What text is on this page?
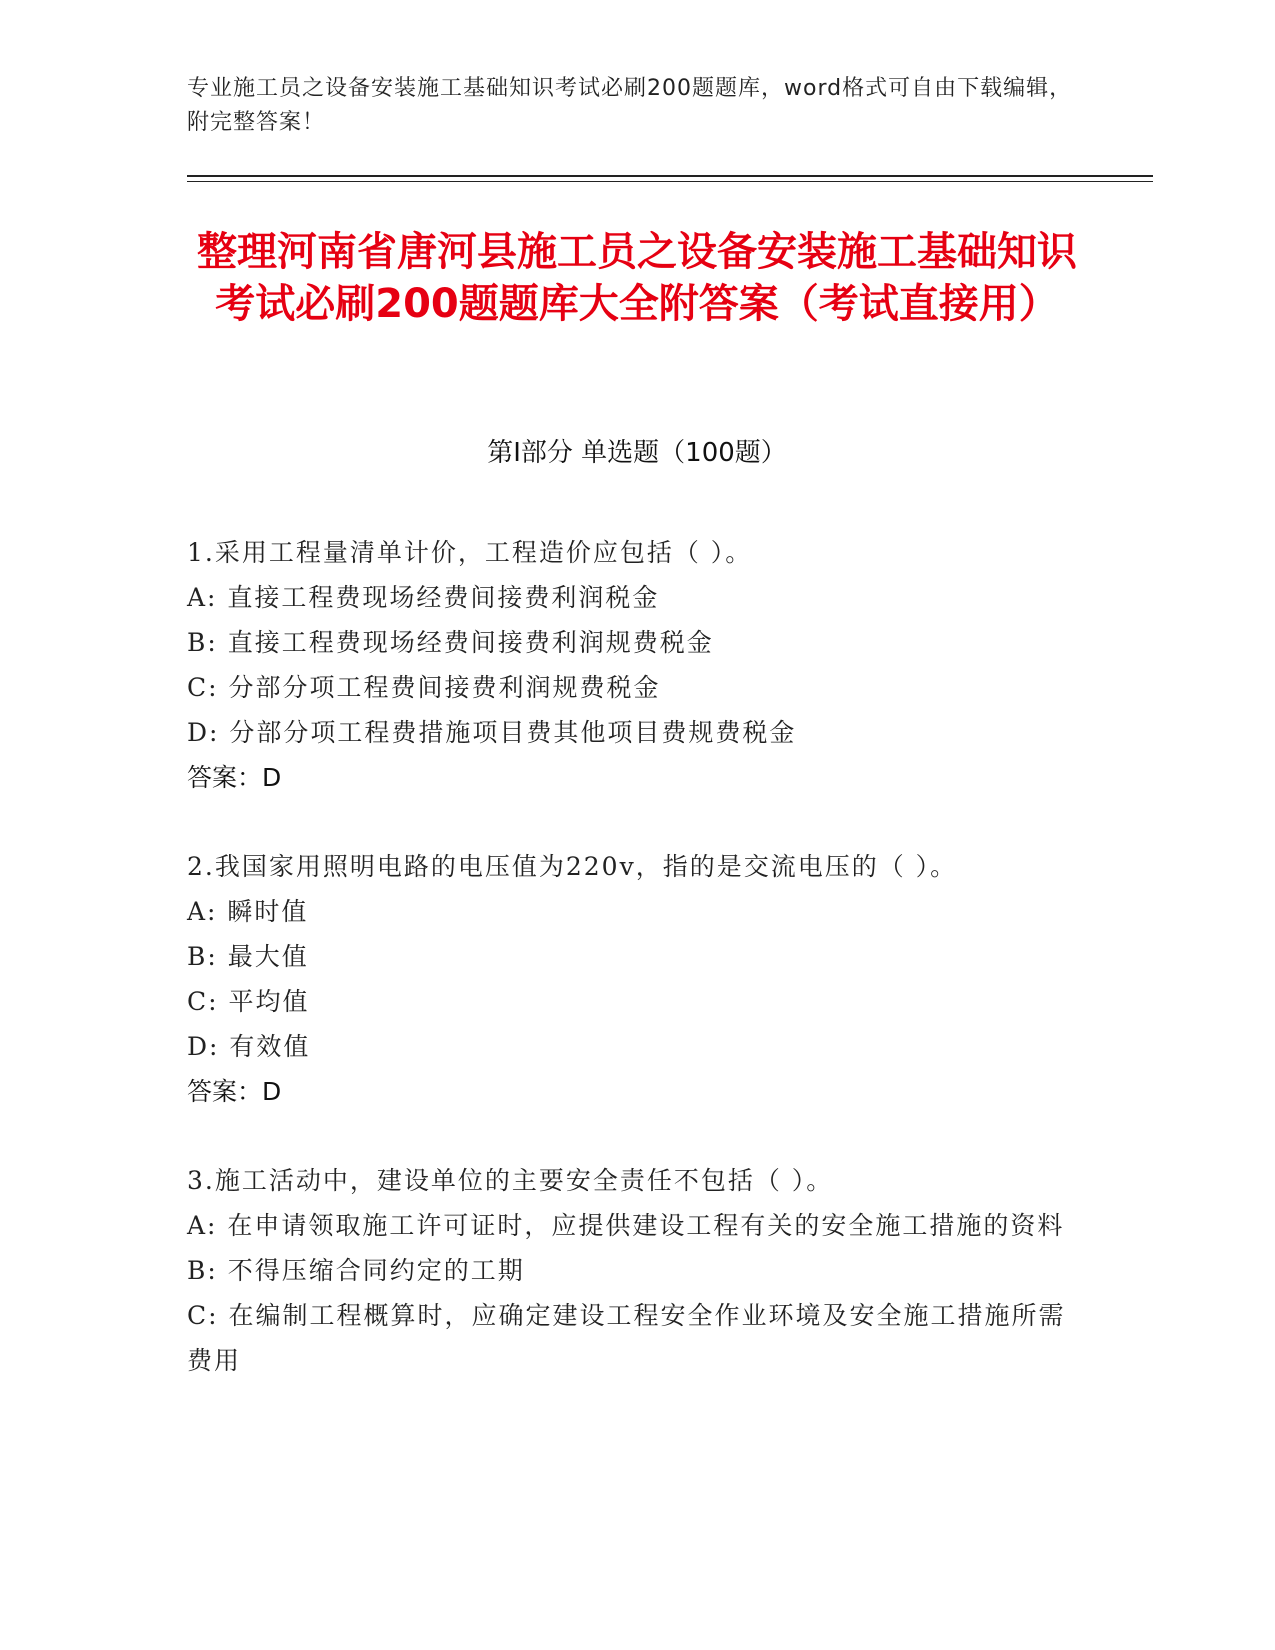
专业施工员之设备安装施工基础知识考试必刷200题题库，word格式可自由下载编辑，附完整答案！
整理河南省唐河县施工员之设备安装施工基础知识考试必刷200题题库大全附答案（考试直接用）
第Ⅰ部分 单选题（100题）
1.采用工程量清单计价，工程造价应包括（ ）。
A: 直接工程费现场经费间接费利润税金
B: 直接工程费现场经费间接费利润规费税金
C: 分部分项工程费间接费利润规费税金
D: 分部分项工程费措施项目费其他项目费规费税金
答案：D
2.我国家用照明电路的电压值为220v，指的是交流电压的（ ）。
A: 瞬时值
B: 最大值
C: 平均值
D: 有效值
答案：D
3.施工活动中，建设单位的主要安全责任不包括（ ）。
A: 在申请领取施工许可证时，应提供建设工程有关的安全施工措施的资料
B: 不得压缩合同约定的工期
C: 在编制工程概算时，应确定建设工程安全作业环境及安全施工措施所需费用
